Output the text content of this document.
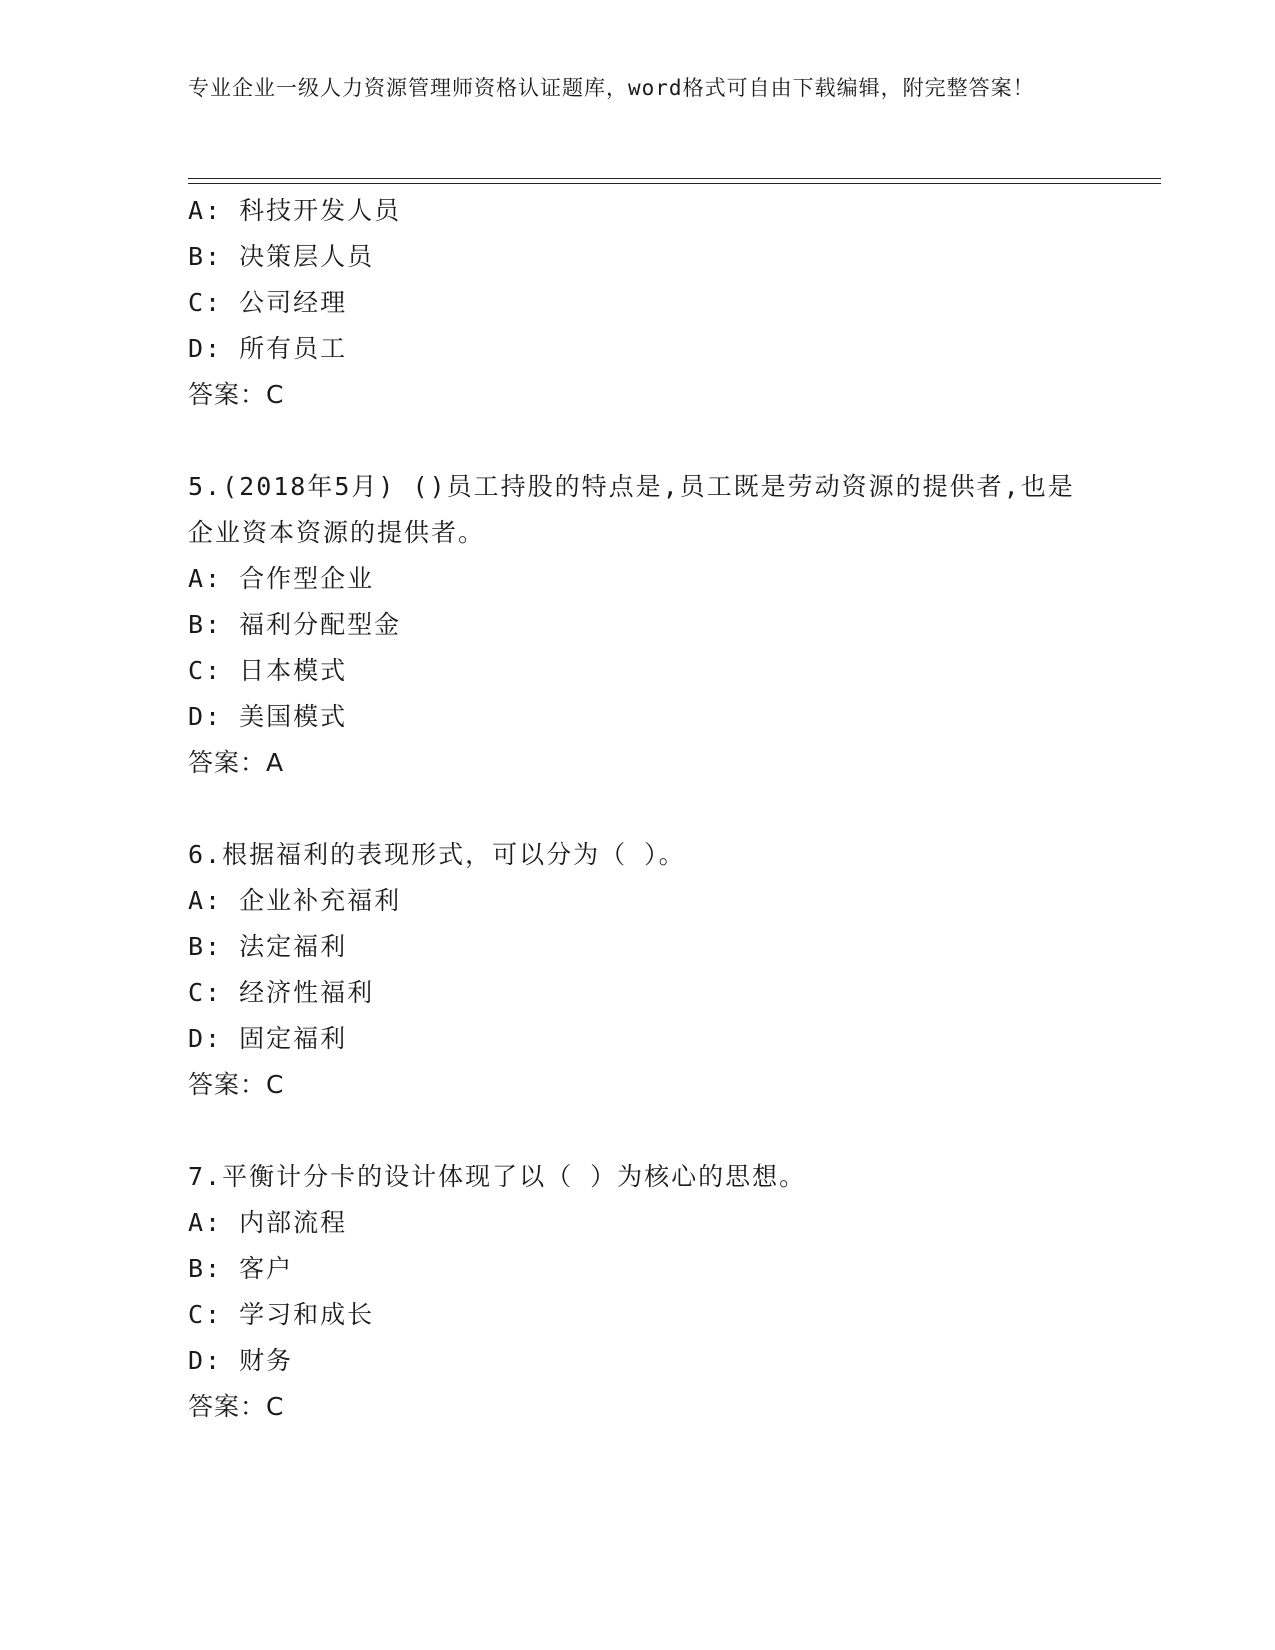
专业企业一级人力资源管理师资格认证题库，word格式可自由下载编辑，附完整答案！
A: 科技开发人员
B: 决策层人员
C: 公司经理
D: 所有员工
答案：C
5.(2018年5月) ()员工持股的特点是,员工既是劳动资源的提供者,也是企业资本资源的提供者。
A: 合作型企业
B: 福利分配型金
C: 日本模式
D: 美国模式
答案：A
6.根据福利的表现形式，可以分为（ ）。
A: 企业补充福利
B: 法定福利
C: 经济性福利
D: 固定福利
答案：C
7.平衡计分卡的设计体现了以（ ）为核心的思想。
A: 内部流程
B: 客户
C: 学习和成长
D: 财务
答案：C
